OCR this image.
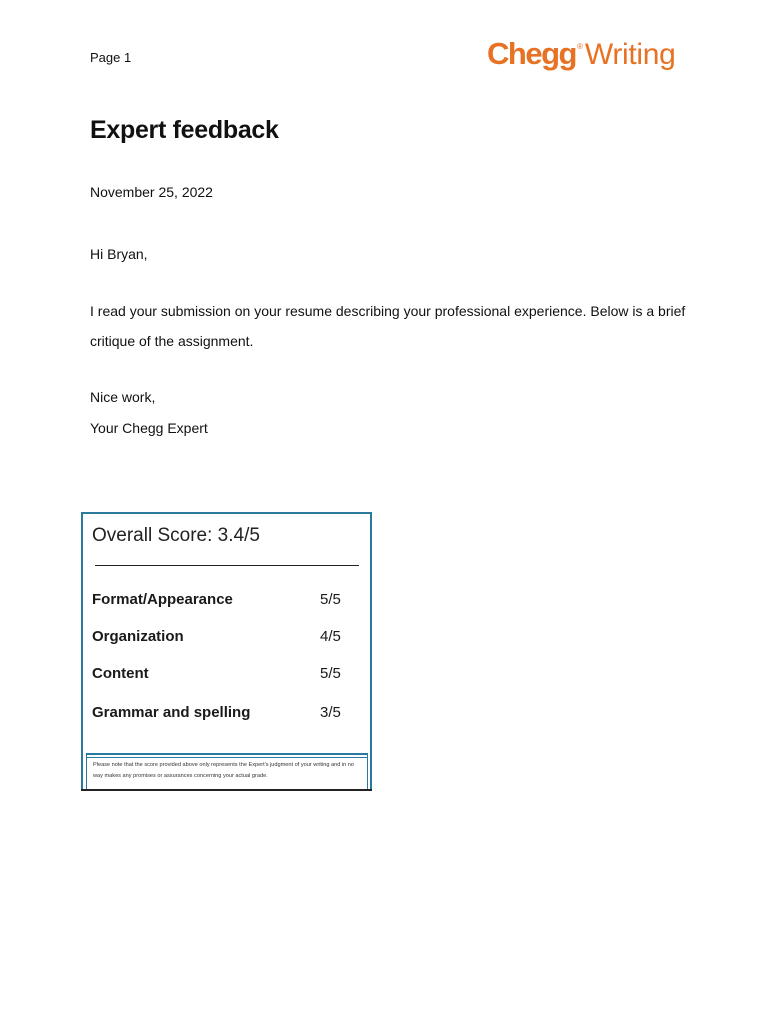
Page 1	Chegg®Writing
Expert feedback
November 25, 2022
Hi Bryan,

I read your submission on your resume describing your professional experience. Below is a brief critique of the assignment.

Nice work,
Your Chegg Expert
Overall Score: 3.4/5
Format/Appearance	5/5
Organization	4/5
Content	5/5
Grammar and spelling	3/5

Please note that the score provided above only represents the Expert's judgment of your writing and in no way makes any promises or assurances concerning your actual grade.
